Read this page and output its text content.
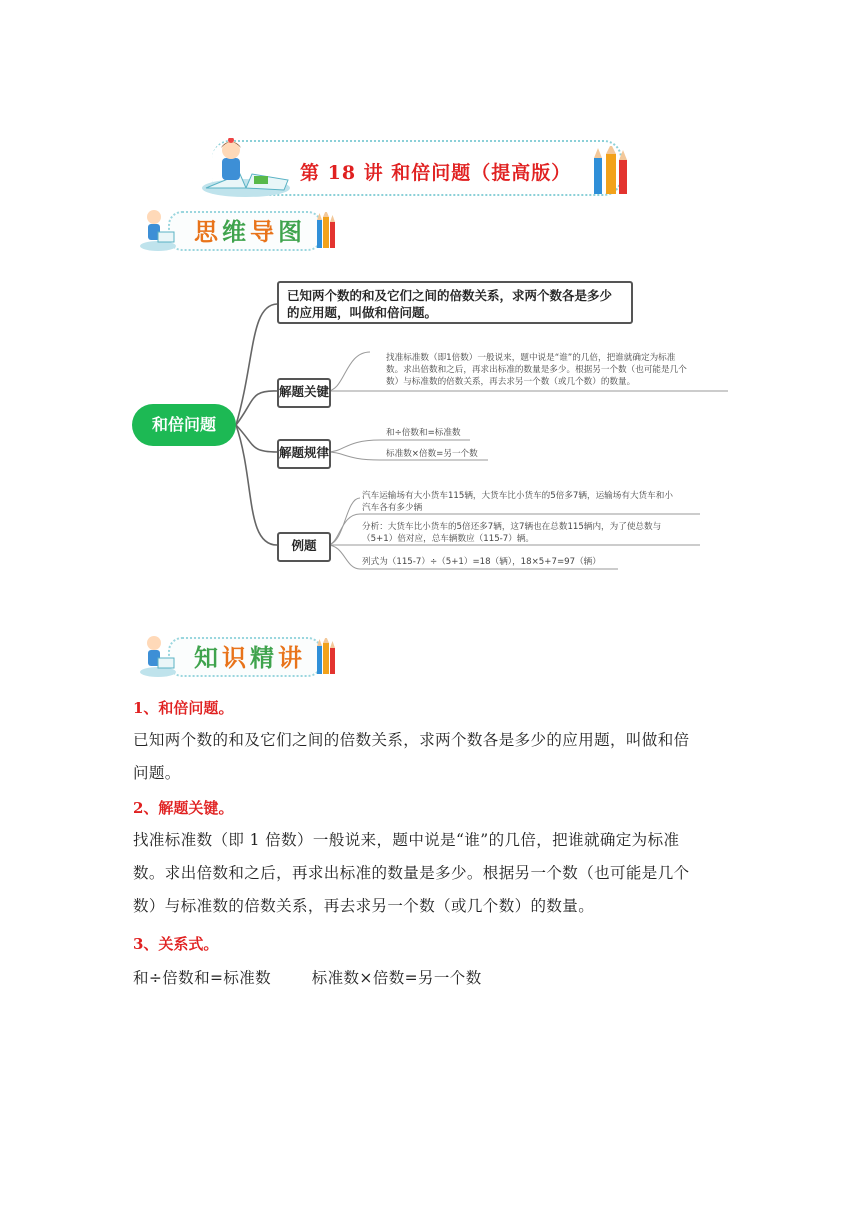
第 18 讲 和倍问题（提高版）
思维导图
和倍问题
已知两个数的和及它们之间的倍数关系，求两个数各是多少的应用题，叫做和倍问题。
解题关键
找准标准数（即1倍数）一般说来，题中说是“谁”的几倍，把谁就确定为标准
数。求出倍数和之后，再求出标准的数量是多少。根据另一个数（也可能是几个
数）与标准数的倍数关系，再去求另一个数（或几个数）的数量。
解题规律
和÷倍数和=标准数
标准数×倍数=另一个数
例题
汽车运输场有大小货车115辆，大货车比小货车的5倍多7辆，运输场有大货车和小
汽车各有多少辆
分析：大货车比小货车的5倍还多7辆，这7辆也在总数115辆内，为了使总数与
（5+1）倍对应，总车辆数应（115-7）辆。
列式为（115-7）÷（5+1）=18（辆），18×5+7=97（辆）
知识精讲
1、和倍问题。
已知两个数的和及它们之间的倍数关系，求两个数各是多少的应用题，叫做和倍
问题。
2、解题关键。
找准标准数（即 1 倍数）一般说来，题中说是“谁”的几倍，把谁就确定为标准
数。求出倍数和之后，再求出标准的数量是多少。根据另一个数（也可能是几个
数）与标准数的倍数关系，再去求另一个数（或几个数）的数量。
3、关系式。
和÷倍数和=标准数	标准数×倍数=另一个数
